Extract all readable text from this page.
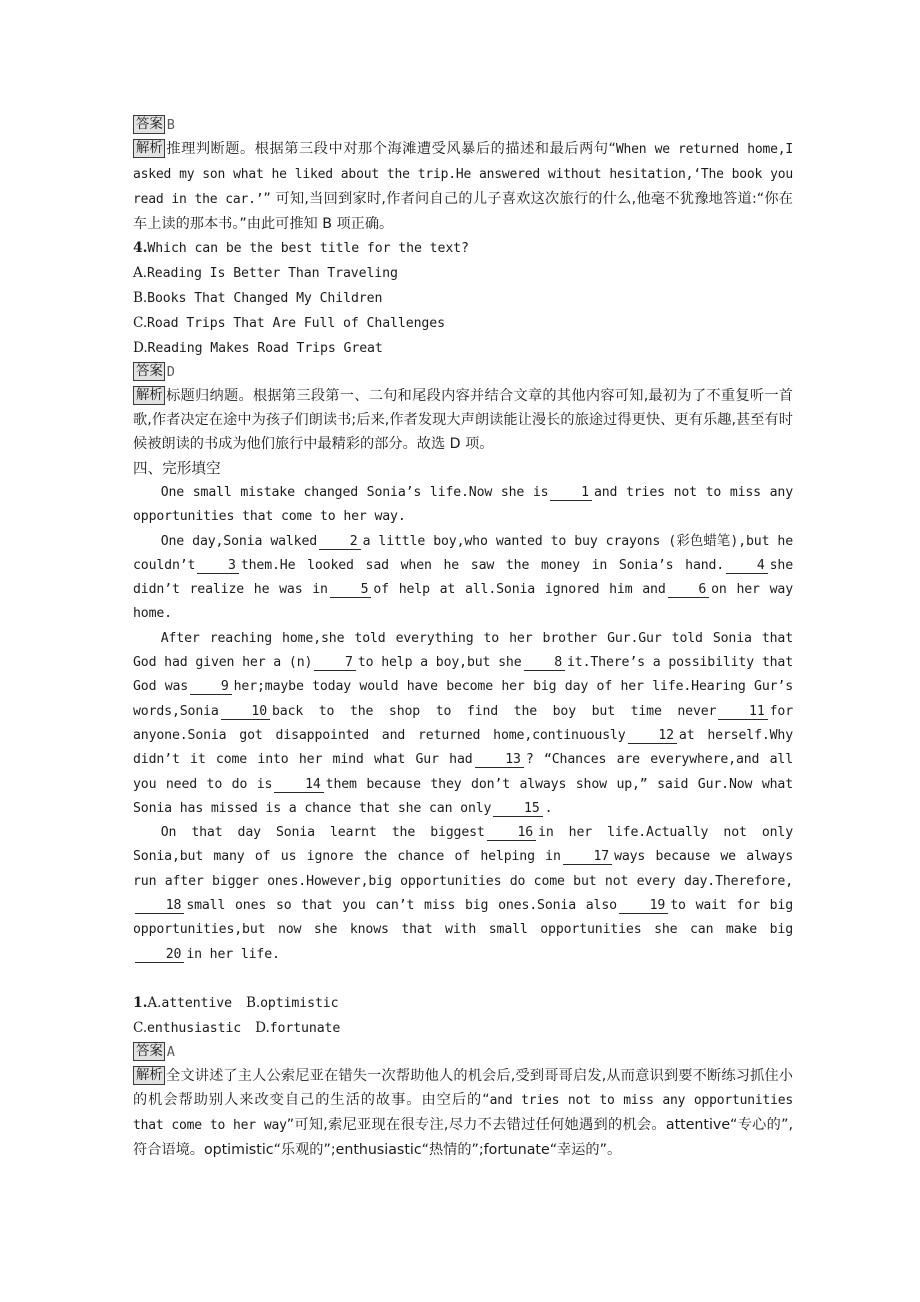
答案 B

解析 推理判断题。根据第三段中对那个海滩遭受风暴后的描述和最后两句“When we returned home,I asked my son what he liked about the trip.He answered without hesitation,‘The book you read in the car.’” 可知,当回到家时,作者问自己的儿子喜欢这次旅行的什么,他毫不犹豫地答道:“你在车上读的那本书。”由此可推知 B 项正确。

4.Which can be the best title for the text?

A.Reading Is Better Than Traveling

B.Books That Changed My Children

C.Road Trips That Are Full of Challenges

D.Reading Makes Road Trips Great

答案 D

解析 标题归纳题。根据第三段第一、二句和尾段内容并结合文章的其他内容可知,最初为了不重复听一首歌,作者决定在途中为孩子们朗读书;后来,作者发现大声朗读能让漫长的旅途过得更快、更有乐趣,甚至有时候被朗读的书成为他们旅行中最精彩的部分。故选 D 项。

四、完形填空

One small mistake changed Sonia’s life.Now she is 1 and tries not to miss any opportunities that come to her way.

One day,Sonia walked 2 a little boy,who wanted to buy crayons (彩色蜡笔),but he couldn’t 3 them.He looked sad when he saw the money in Sonia’s hand. 4 she didn’t realize he was in 5 of help at all.Sonia ignored him and 6 on her way home.

After reaching home,she told everything to her brother Gur.Gur told Sonia that God had given her a (n) 7 to help a boy,but she 8 it.There’s a possibility that God was 9 her;maybe today would have become her big day of her life.Hearing Gur’s words,Sonia 10 back to the shop to find the boy but time never 11 for anyone.Sonia got disappointed and returned home,continuously 12 at herself.Why didn’t it come into her mind what Gur had 13 ? “Chances are everywhere,and all you need to do is 14 them because they don’t always show up,” said Gur.Now what Sonia has missed is a chance that she can only 15 .

On that day Sonia learnt the biggest 16 in her life.Actually not only Sonia,but many of us ignore the chance of helping in 17 ways because we always run after bigger ones.However,big opportunities do come but not every day.Therefore,18 small ones so that you can’t miss big ones.Sonia also 19 to wait for big opportunities,but now she knows that with small opportunities she can make big20 in her life.

1.A.attentive B.optimistic

C.enthusiastic D.fortunate

答案 A

解析 全文讲述了主人公索尼亚在错失一次帮助他人的机会后,受到哥哥启发,从而意识到要不断练习抓住小的机会帮助别人来改变自己的生活的故事。由空后的“and tries not to miss any opportunities that come to her way”可知,索尼亚现在很专注,尽力不去错过任何她遇到的机会。attentive“专心的”,符合语境。optimistic“乐观的”;enthusiastic“热情的”;fortunate“幸运的”。
